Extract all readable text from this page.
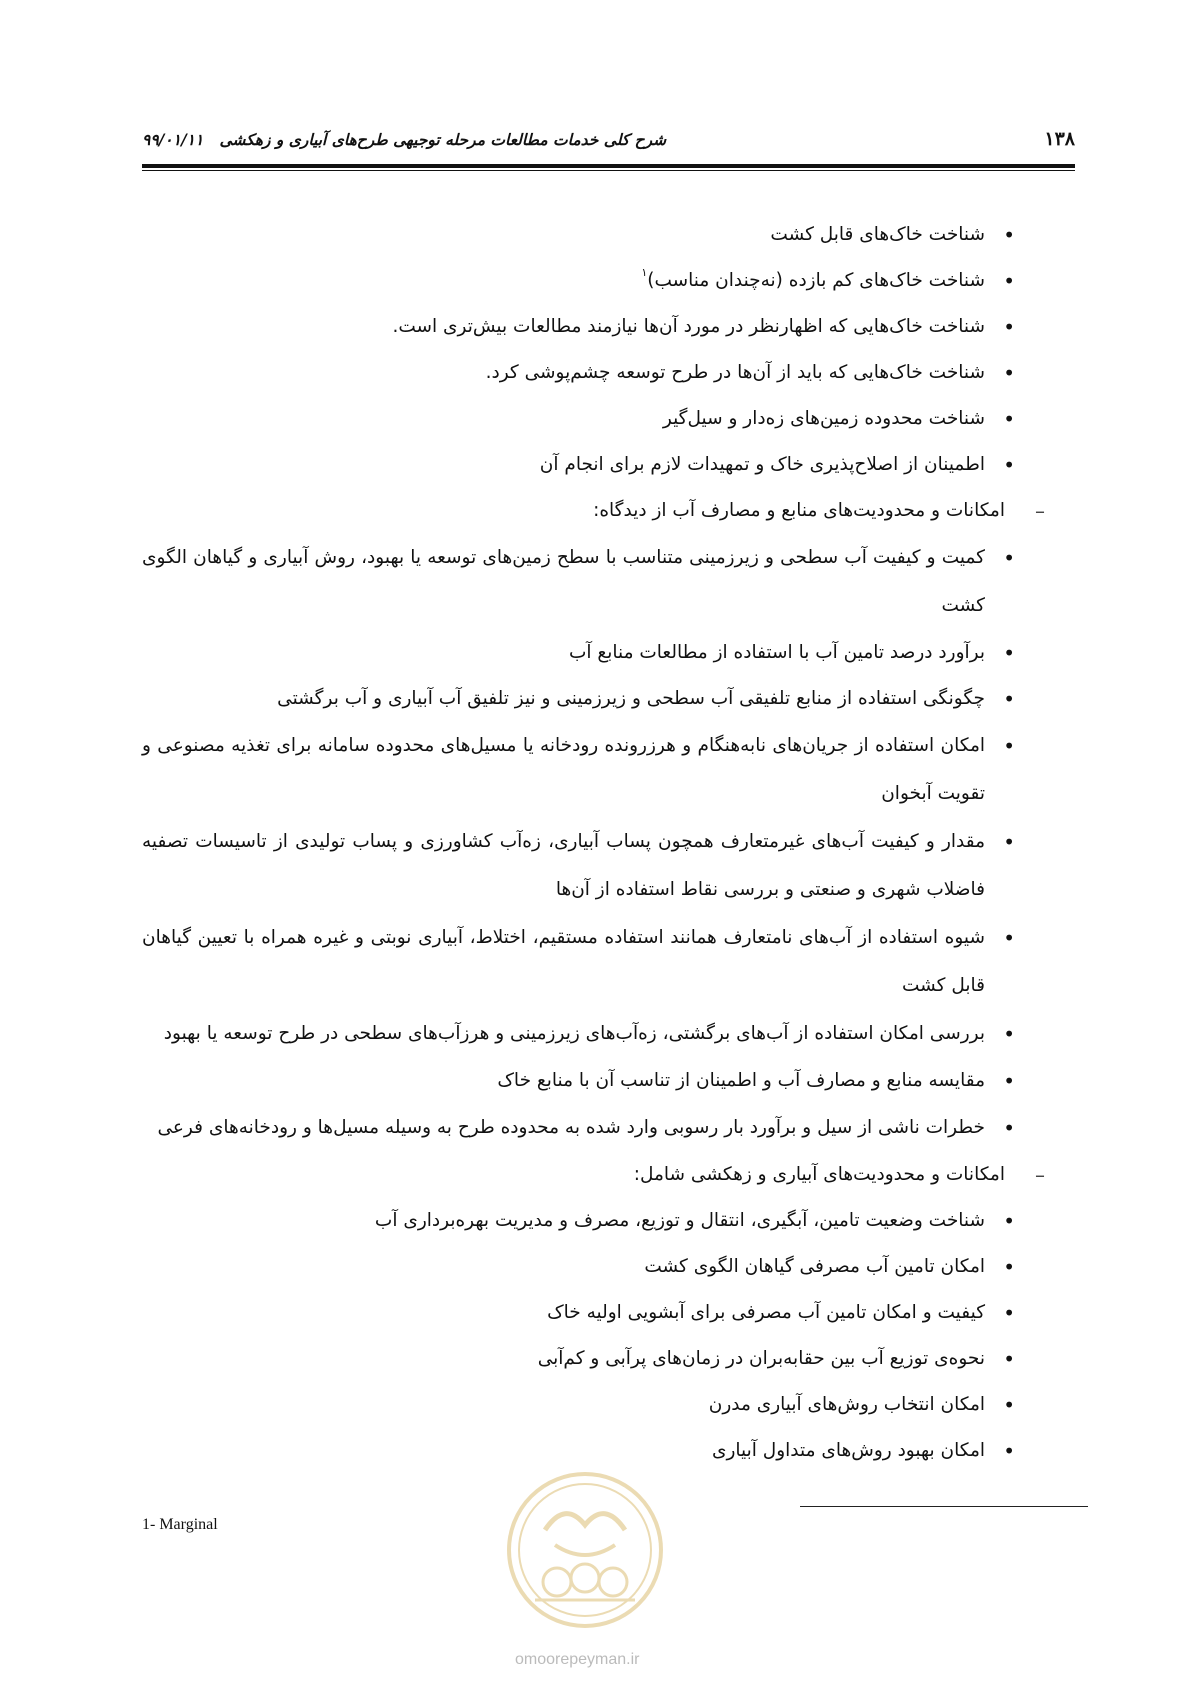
۱۳۸
شرح کلی خدمات مطالعات مرحله توجیهی طرح‌های آبیاری و زهکشی   ۹۹/۰۱/۱۱
•
شناخت خاک‌های قابل کشت
•
شناخت خاک‌های کم بازده (نه‌چندان مناسب)$^۱$
•
شناخت خاک‌هایی که اظهارنظر در مورد آن‌ها نیازمند مطالعات بیش‌تری است.
•
شناخت خاک‌هایی که باید از آن‌ها در طرح توسعه چشم‌پوشی کرد.
•
شناخت محدوده زمین‌های زه‌دار و سیل‌گیر
•
اطمینان از اصلاح‌پذیری خاک و تمهیدات لازم برای انجام آن
–
امکانات و محدودیت‌های منابع و مصارف آب از دیدگاه:
•
کمیت و کیفیت آب سطحی و زیرزمینی متناسب با سطح زمین‌های توسعه یا بهبود، روش آبیاری و گیاهان الگوی کشت
•
برآورد درصد تامین آب با استفاده از مطالعات منابع آب
•
چگونگی استفاده از منابع تلفیقی آب سطحی و زیرزمینی و نیز تلفیق آب آبیاری و آب برگشتی
•
امکان استفاده از جریان‌های نابه‌هنگام و هرزرونده رودخانه یا مسیل‌های محدوده سامانه برای تغذیه مصنوعی و تقویت آبخوان
•
مقدار و کیفیت آب‌های غیرمتعارف همچون پساب آبیاری، زه‌آب کشاورزی و پساب تولیدی از تاسیسات تصفیه فاضلاب شهری و صنعتی و بررسی نقاط استفاده از آن‌ها
•
شیوه استفاده از آب‌های نامتعارف همانند استفاده مستقیم، اختلاط، آبیاری نوبتی و غیره همراه با تعیین گیاهان قابل کشت
•
بررسی امکان استفاده از آب‌های برگشتی، زه‌آب‌های زیرزمینی و هرزآب‌های سطحی در طرح توسعه یا بهبود
•
مقایسه منابع و مصارف آب و اطمینان از تناسب آن با منابع خاک
•
خطرات ناشی از سیل و برآورد بار رسوبی وارد شده به محدوده طرح به وسیله مسیل‌ها و رودخانه‌های فرعی
–
امکانات و محدودیت‌های آبیاری و زهکشی شامل:
•
شناخت وضعیت تامین، آبگیری، انتقال و توزیع، مصرف و مدیریت بهره‌برداری آب
•
امکان تامین آب مصرفی گیاهان الگوی کشت
•
کیفیت و امکان تامین آب مصرفی برای آبشویی اولیه خاک
•
نحوه‌ی توزیع آب بین حقابه‌بران در زمان‌های پرآبی و کم‌آبی
•
امکان انتخاب روش‌های آبیاری مدرن
•
امکان بهبود روش‌های متداول آبیاری
1- Marginal
omoorepeyman.ir
